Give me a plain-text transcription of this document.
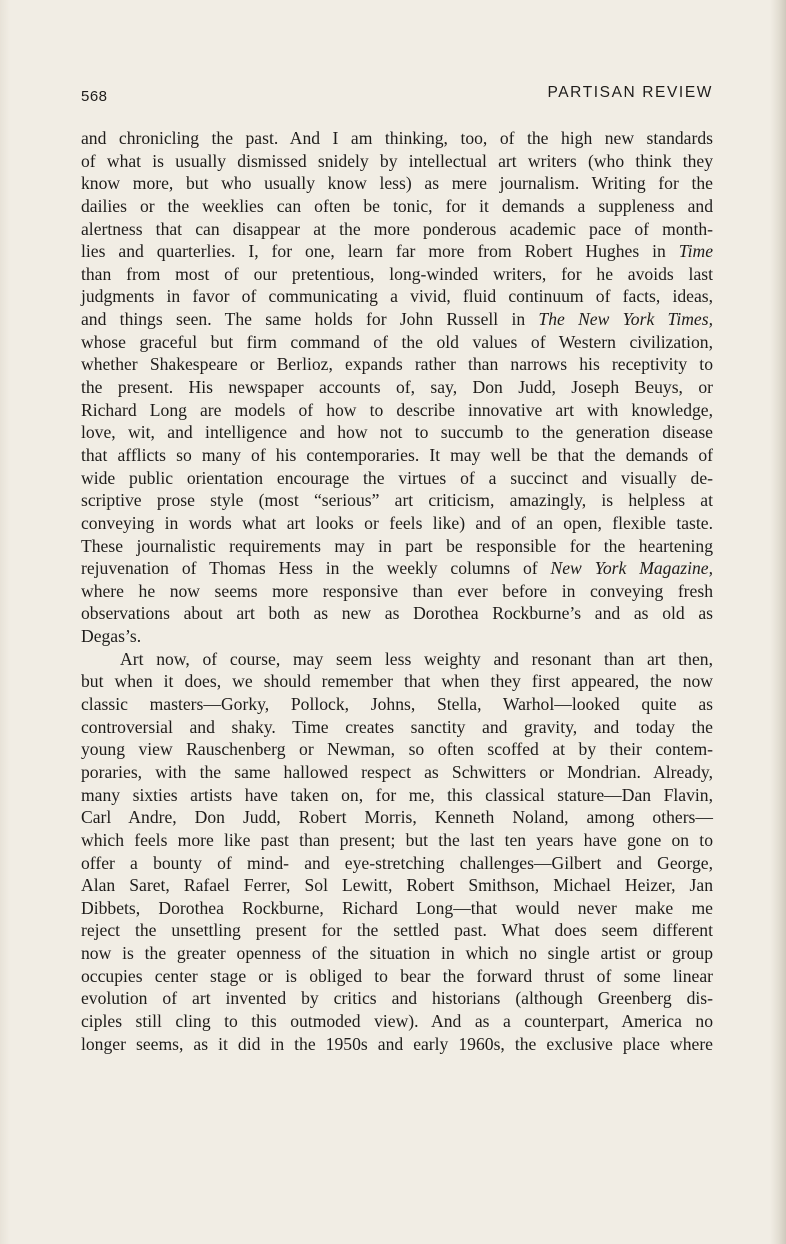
568	PARTISAN REVIEW
and chronicling the past. And I am thinking, too, of the high new standards
of what is usually dismissed snidely by intellectual art writers (who think they
know more, but who usually know less) as mere journalism. Writing for the
dailies or the weeklies can often be tonic, for it demands a suppleness and
alertness that can disappear at the more ponderous academic pace of month-
lies and quarterlies. I, for one, learn far more from Robert Hughes in Time
than from most of our pretentious, long-winded writers, for he avoids last
judgments in favor of communicating a vivid, fluid continuum of facts, ideas,
and things seen. The same holds for John Russell in The New York Times,
whose graceful but firm command of the old values of Western civilization,
whether Shakespeare or Berlioz, expands rather than narrows his receptivity to
the present. His newspaper accounts of, say, Don Judd, Joseph Beuys, or
Richard Long are models of how to describe innovative art with knowledge,
love, wit, and intelligence and how not to succumb to the generation disease
that afflicts so many of his contemporaries. It may well be that the demands of
wide public orientation encourage the virtues of a succinct and visually de-
scriptive prose style (most “serious” art criticism, amazingly, is helpless at
conveying in words what art looks or feels like) and of an open, flexible taste.
These journalistic requirements may in part be responsible for the heartening
rejuvenation of Thomas Hess in the weekly columns of New York Magazine,
where he now seems more responsive than ever before in conveying fresh
observations about art both as new as Dorothea Rockburne’s and as old as
Degas’s.
Art now, of course, may seem less weighty and resonant than art then,
but when it does, we should remember that when they first appeared, the now
classic masters—Gorky, Pollock, Johns, Stella, Warhol—looked quite as
controversial and shaky. Time creates sanctity and gravity, and today the
young view Rauschenberg or Newman, so often scoffed at by their contem-
poraries, with the same hallowed respect as Schwitters or Mondrian. Already,
many sixties artists have taken on, for me, this classical stature—Dan Flavin,
Carl Andre, Don Judd, Robert Morris, Kenneth Noland, among others—
which feels more like past than present; but the last ten years have gone on to
offer a bounty of mind- and eye-stretching challenges—Gilbert and George,
Alan Saret, Rafael Ferrer, Sol Lewitt, Robert Smithson, Michael Heizer, Jan
Dibbets, Dorothea Rockburne, Richard Long—that would never make me
reject the unsettling present for the settled past. What does seem different
now is the greater openness of the situation in which no single artist or group
occupies center stage or is obliged to bear the forward thrust of some linear
evolution of art invented by critics and historians (although Greenberg dis-
ciples still cling to this outmoded view). And as a counterpart, America no
longer seems, as it did in the 1950s and early 1960s, the exclusive place where
